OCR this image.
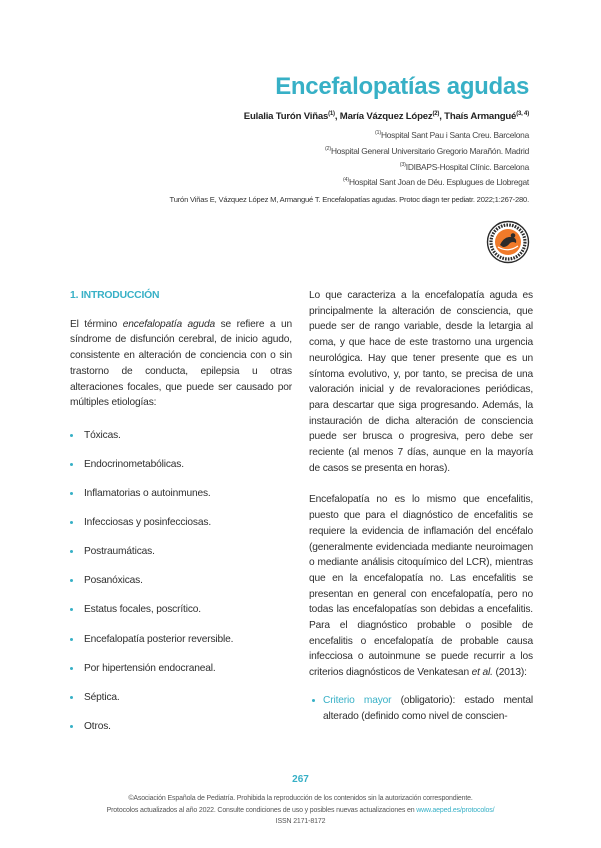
Encefalopatías agudas
Eulalia Turón Viñas$^{(1)}$, María Vázquez López$^{(2)}$, Thaís Armangué$^{(3, 4)}$
$^{(1)}$Hospital Sant Pau i Santa Creu. Barcelona
$^{(2)}$Hospital General Universitario Gregorio Marañón. Madrid
$^{(3)}$IDIBAPS-Hospital Clínic. Barcelona
$^{(4)}$Hospital Sant Joan de Déu. Esplugues de Llobregat
Turón Viñas E, Vázquez López M, Armangué T. Encefalopatías agudas. Protoc diagn ter pediatr. 2022;1:267-280.
1. INTRODUCCIÓN

El término encefalopatía aguda se refiere a un síndrome de disfunción cerebral, de inicio agudo, consistente en alteración de conciencia con o sin trastorno de conducta, epilepsia u otras alteraciones focales, que puede ser causado por múltiples etiologías:

Tóxicas.
Endocrinometabólicas.
Inflamatorias o autoinmunes.
Infecciosas y posinfecciosas.
Postraumáticas.
Posanóxicas.
Estatus focales, poscrítico.
Encefalopatía posterior reversible.
Por hipertensión endocraneal.
Séptica.
Otros.

Lo que caracteriza a la encefalopatía aguda es principalmente la alteración de consciencia, que puede ser de rango variable, desde la letargia al coma, y que hace de este trastorno una urgencia neurológica. Hay que tener presente que es un síntoma evolutivo, y, por tanto, se precisa de una valoración inicial y de revaloraciones periódicas, para descartar que siga progresando. Además, la instauración de dicha alteración de consciencia puede ser brusca o progresiva, pero debe ser reciente (al menos 7 días, aunque en la mayoría de casos se presenta en horas).

Encefalopatía no es lo mismo que encefalitis, puesto que para el diagnóstico de encefalitis se requiere la evidencia de inflamación del encéfalo (generalmente evidenciada mediante neuroimagen o mediante análisis citoquímico del LCR), mientras que en la encefalopatía no. Las encefalitis se presentan en general con encefalopatía, pero no todas las encefalopatías son debidas a encefalitis. Para el diagnóstico probable o posible de encefalitis o encefalopatía de probable causa infecciosa o autoinmune se puede recurrir a los criterios diagnósticos de Venkatesan et al. (2013):

Criterio mayor (obligatorio): estado mental alterado (definido como nivel de conscien-
267
©Asociación Española de Pediatría. Prohibida la reproducción de los contenidos sin la autorización correspondiente.
Protocolos actualizados al año 2022. Consulte condiciones de uso y posibles nuevas actualizaciones en www.aeped.es/protocolos/
ISSN 2171-8172
